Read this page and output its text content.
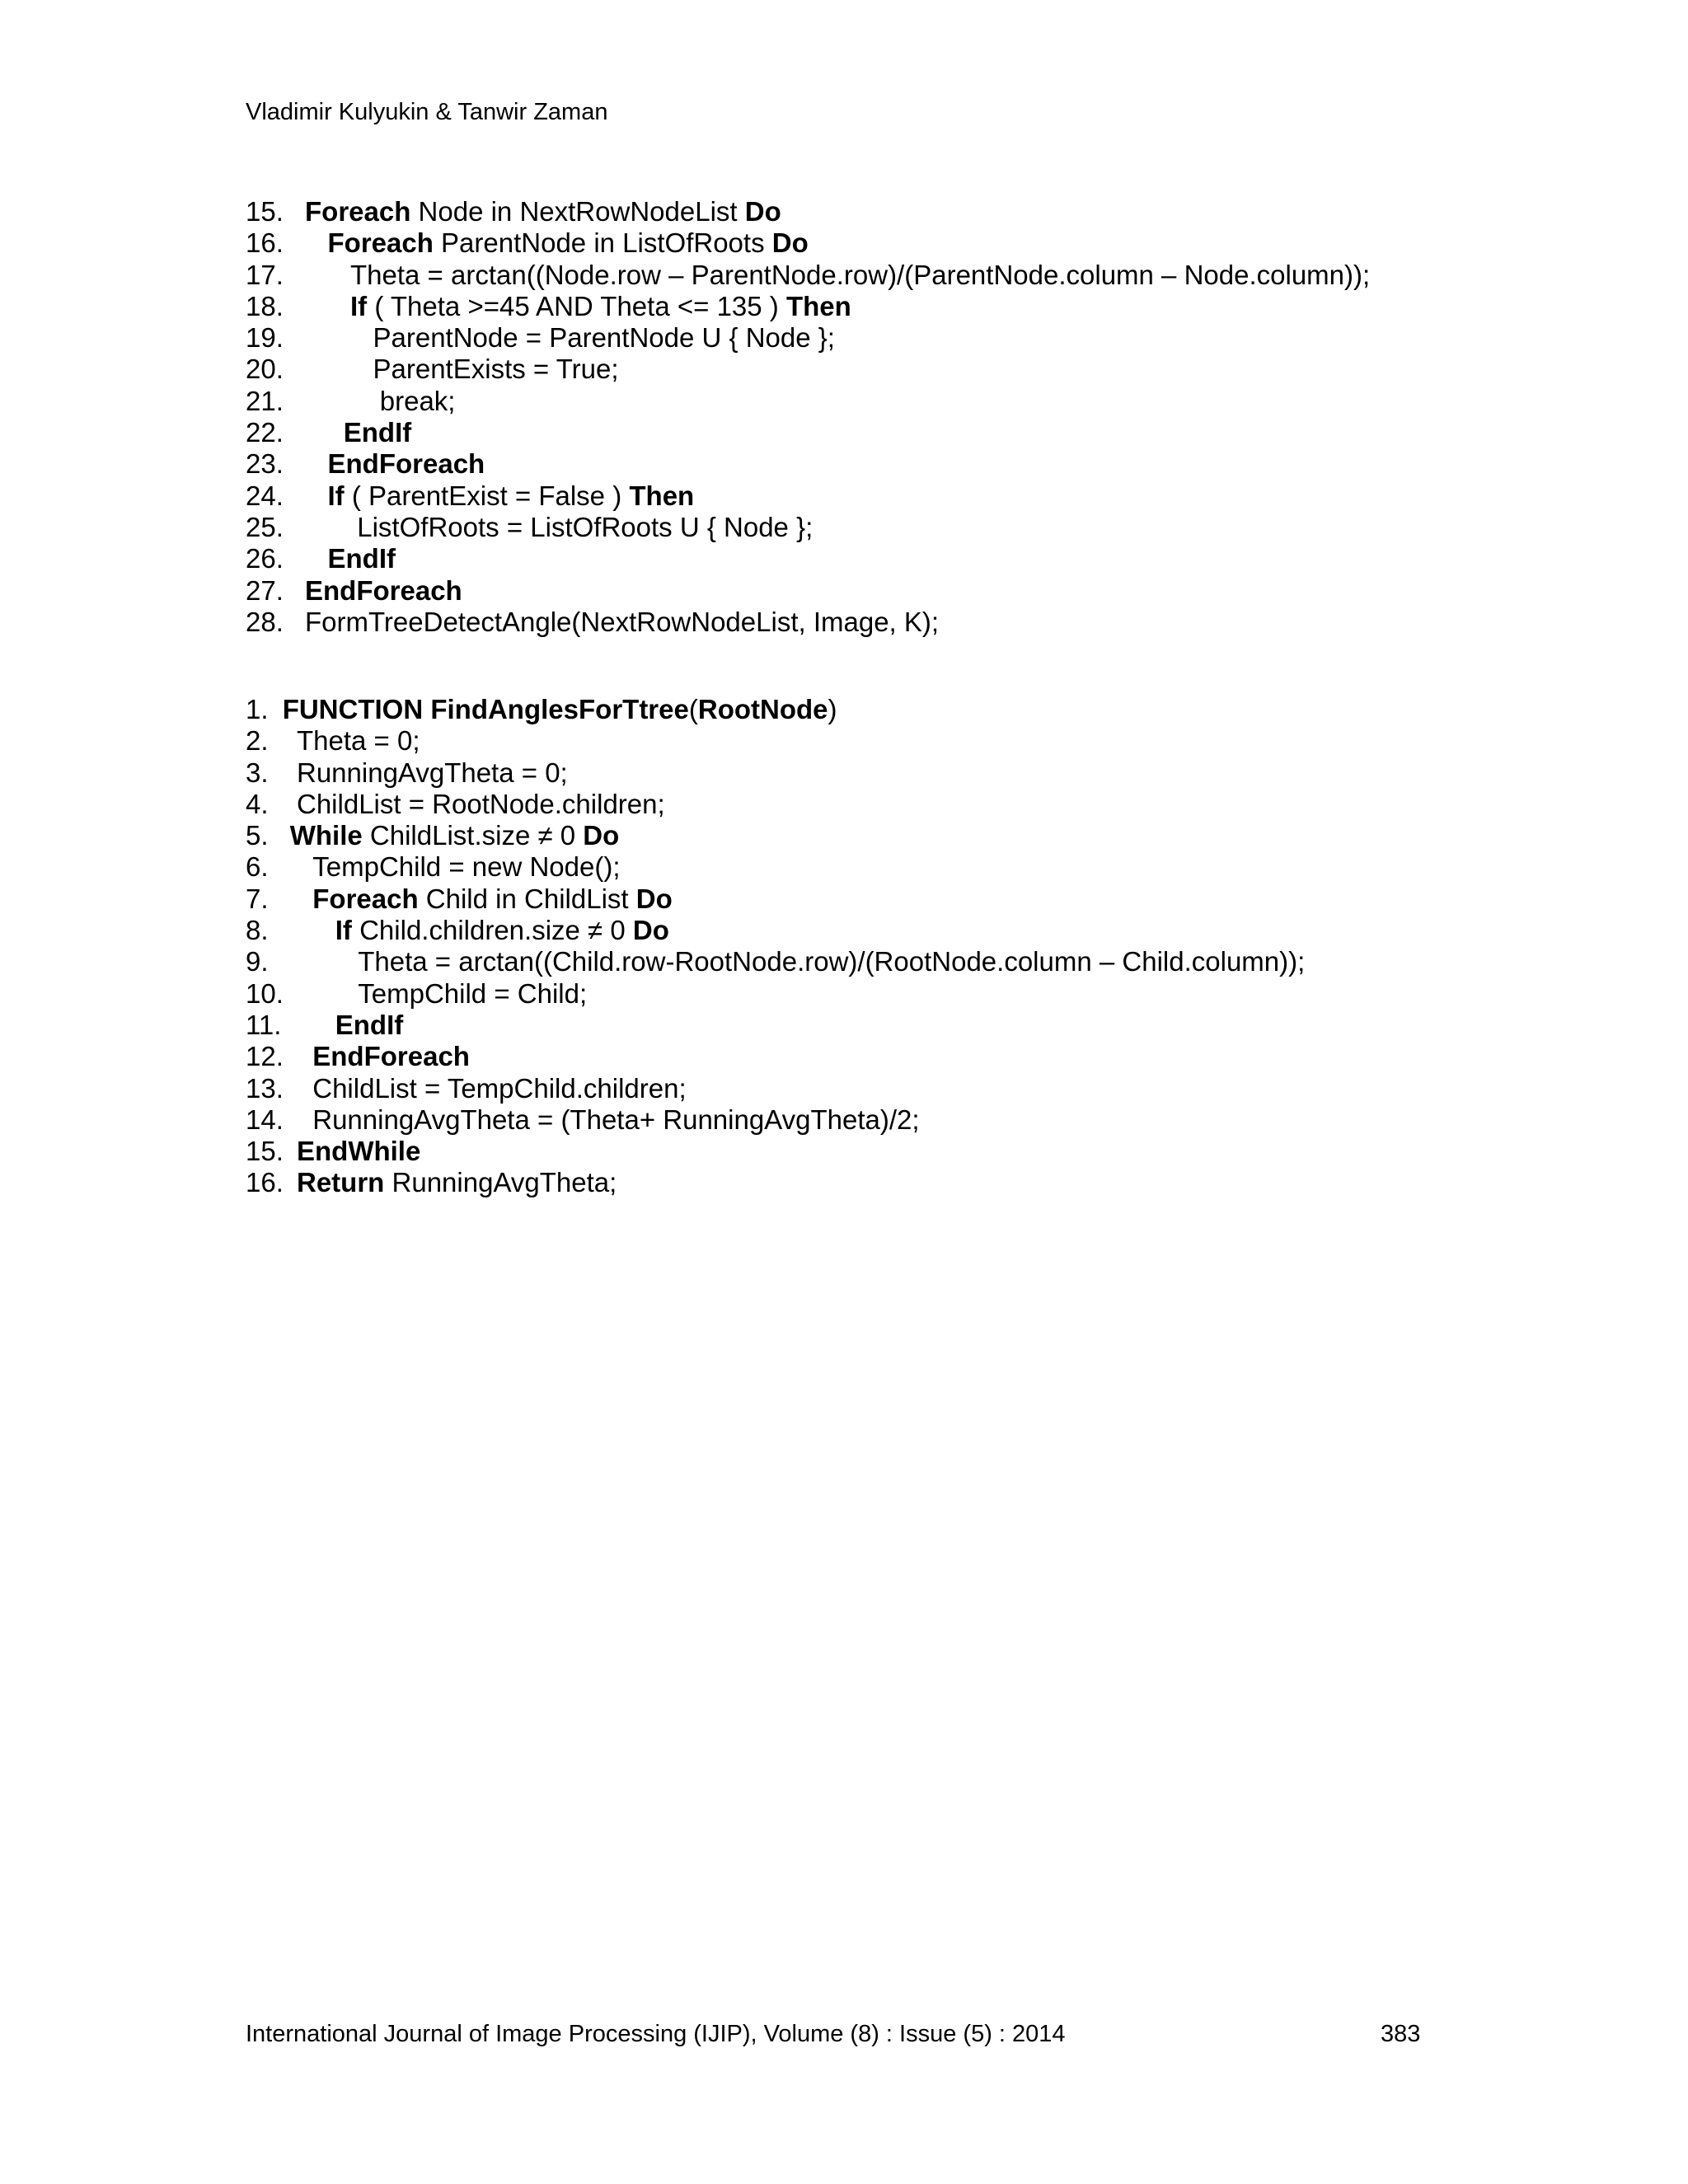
Vladimir Kulyukin & Tanwir Zaman
15. Foreach Node in NextRowNodeList Do
16. Foreach ParentNode in ListOfRoots Do
17. Theta = arctan((Node.row – ParentNode.row)/(ParentNode.column – Node.column));
18. If ( Theta >=45 AND Theta <= 135 ) Then
19.	ParentNode = ParentNode U { Node };
20.	ParentExists = True;
21.	break;
22. EndIf
23. EndForeach
24. If ( ParentExist = False ) Then
25.	ListOfRoots = ListOfRoots U { Node };
26. EndIf
27. EndForeach
28. FormTreeDetectAngle(NextRowNodeList, Image, K);
1. FUNCTION FindAnglesForTtree(RootNode)
2. Theta = 0;
3. RunningAvgTheta = 0;
4. ChildList = RootNode.children;
5. While ChildList.size ≠ 0 Do
6. TempChild = new Node();
7. Foreach Child in ChildList Do
8. If Child.children.size ≠ 0 Do
9.	Theta = arctan((Child.row-RootNode.row)/(RootNode.column – Child.column));
10.	TempChild = Child;
11. EndIf
12. EndForeach
13. ChildList = TempChild.children;
14. RunningAvgTheta = (Theta+ RunningAvgTheta)/2;
15. EndWhile
16. Return RunningAvgTheta;
International Journal of Image Processing (IJIP), Volume (8) : Issue (5) : 2014	383
